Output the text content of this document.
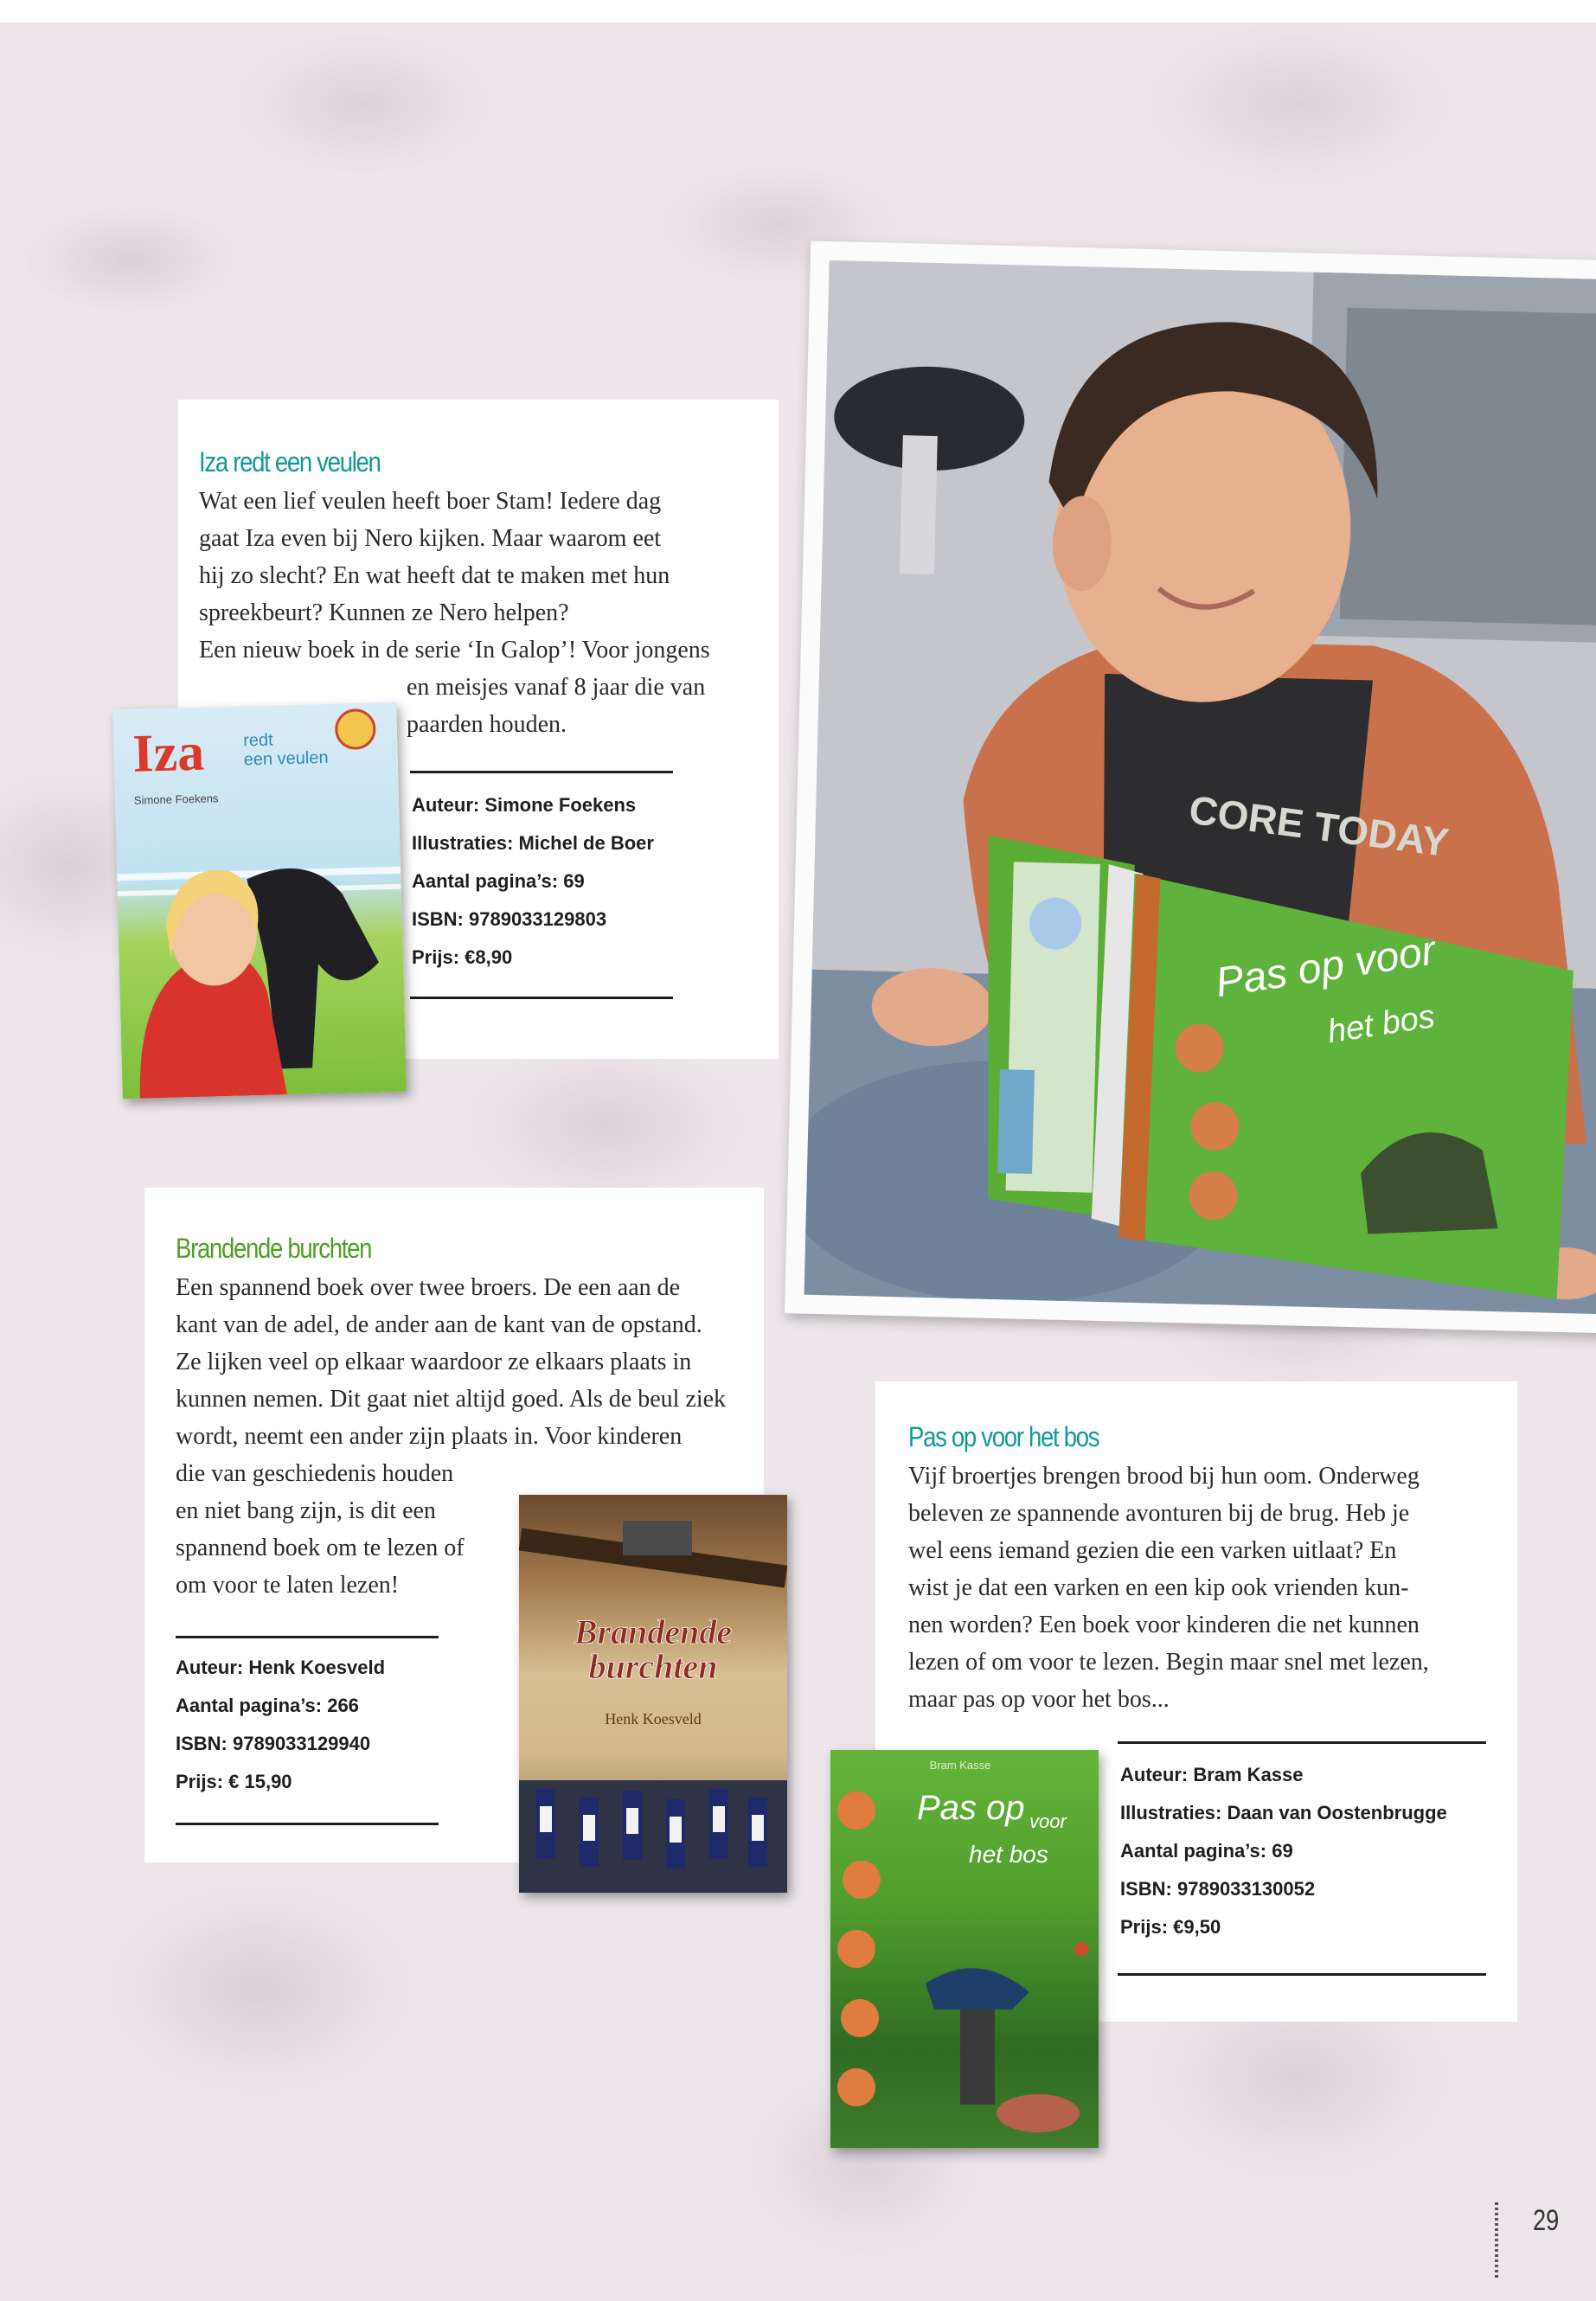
CORE TODAY
Pas op voor
het bos
Iza redt een veulen
Wat een lief veulen heeft boer Stam! Iedere dag
gaat Iza even bij Nero kijken. Maar waarom eet
hij zo slecht? En wat heeft dat te maken met hun
spreekbeurt? Kunnen ze Nero helpen?
Een nieuw boek in de serie ‘In Galop’! Voor jongens
en meisjes vanaf 8 jaar die van
paarden houden.
Auteur: Simone Foekens
Illustraties: Michel de Boer
Aantal pagina’s: 69
ISBN: 9789033129803
Prijs: €8,90
Iza redt
een veulen
Simone Foekens
Brandende burchten
Een spannend boek over twee broers. De een aan de
kant van de adel, de ander aan de kant van de opstand.
Ze lijken veel op elkaar waardoor ze elkaars plaats in
kunnen nemen. Dit gaat niet altijd goed. Als de beul ziek
wordt, neemt een ander zijn plaats in. Voor kinderen
die van geschiedenis houden
en niet bang zijn, is dit een
spannend boek om te lezen of
om voor te laten lezen!
Auteur: Henk Koesveld
Aantal pagina’s: 266
ISBN: 9789033129940
Prijs: € 15,90
Brandende
burchten
Henk Koesveld
Pas op voor het bos
Vijf broertjes brengen brood bij hun oom. Onderweg
beleven ze spannende avonturen bij de brug. Heb je
wel eens iemand gezien die een varken uitlaat? En
wist je dat een varken en een kip ook vrienden kun-
nen worden? Een boek voor kinderen die net kunnen
lezen of om voor te lezen. Begin maar snel met lezen,
maar pas op voor het bos...
Auteur: Bram Kasse
Illustraties: Daan van Oostenbrugge
Aantal pagina’s: 69
ISBN: 9789033130052
Prijs: €9,50
Bram Kasse
Pas op voor
het bos
29
